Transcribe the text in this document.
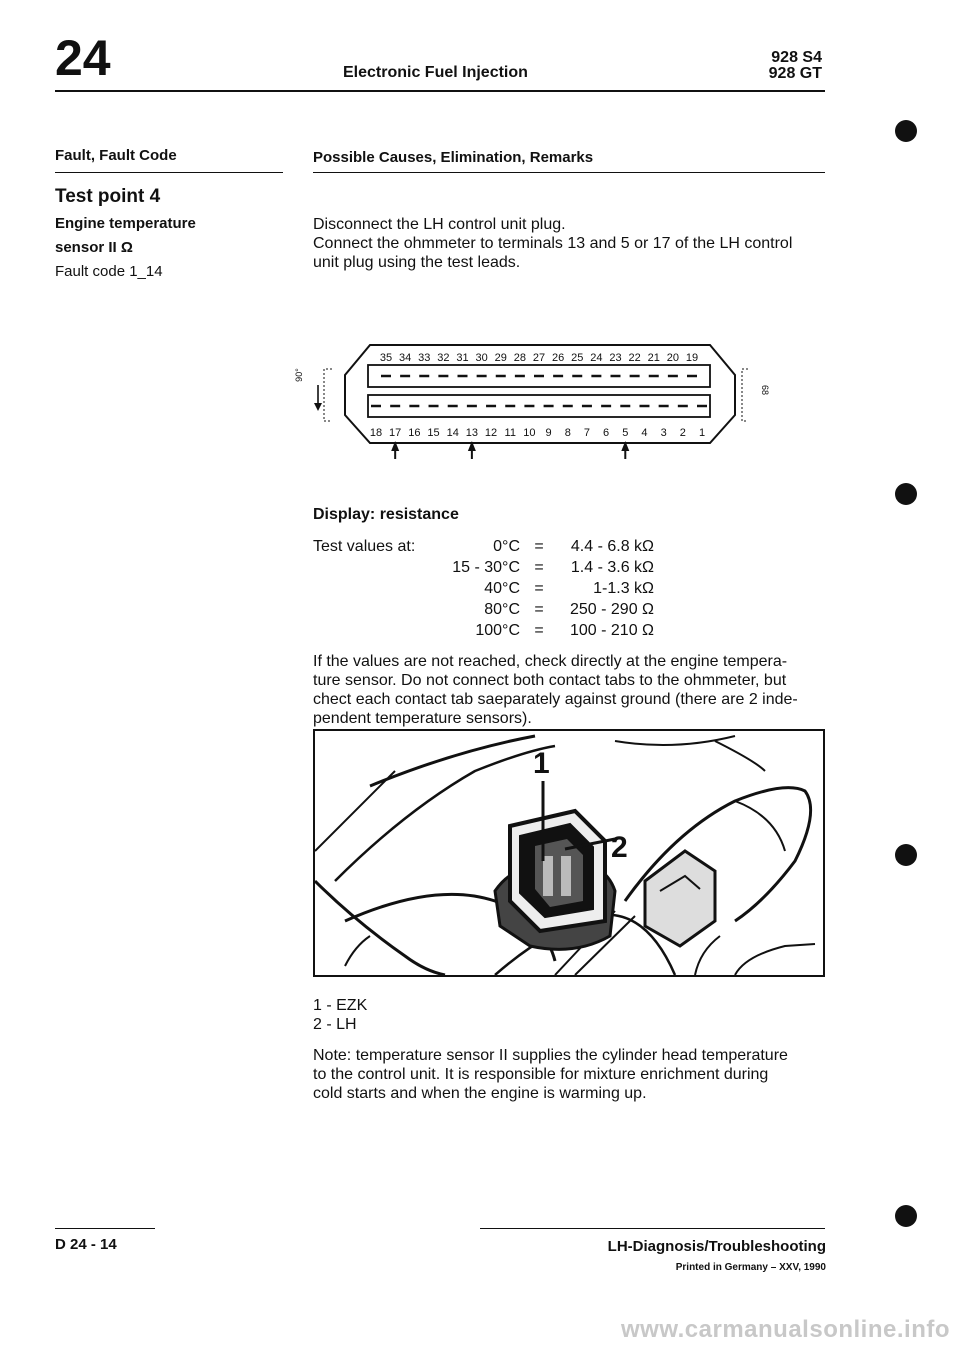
24	Electronic Fuel Injection
928 S4
928 GT
Fault, Fault Code	Possible Causes, Elimination, Remarks
Test point 4
Engine temperature
sensor II Ω
Fault code 1_14
Disconnect the LH control unit plug.
Connect the ohmmeter to terminals 13 and 5 or 17 of the LH control
unit plug using the test leads.
35 34 33 32 31 30 29 28 27 26 25 24 23 22 21 20 19
18 17 16 15 14 13 12 11 10 9 8 7 6 5 4 3 2 1
90°
68
Display: resistance
Test values at:	0°C =	4.4 - 6.8 kΩ
15 - 30°C =	1.4 - 3.6 kΩ
40°C =	1-1.3 kΩ
80°C =	250 - 290 Ω
100°C =	100 - 210 Ω
If the values are not reached, check directly at the engine tempera-
ture sensor. Do not connect both contact tabs to the ohmmeter, but
chect each contact tab saeparately against ground (there are 2 inde-
pendent temperature sensors).
1
2
1 - EZK
2 - LH
Note: temperature sensor II supplies the cylinder head temperature
to the control unit. It is responsible for mixture enrichment during
cold starts and when the engine is warming up.
D 24 - 14	LH-Diagnosis/Troubleshooting
Printed in Germany – XXV, 1990
www.carmanualsonline.info
